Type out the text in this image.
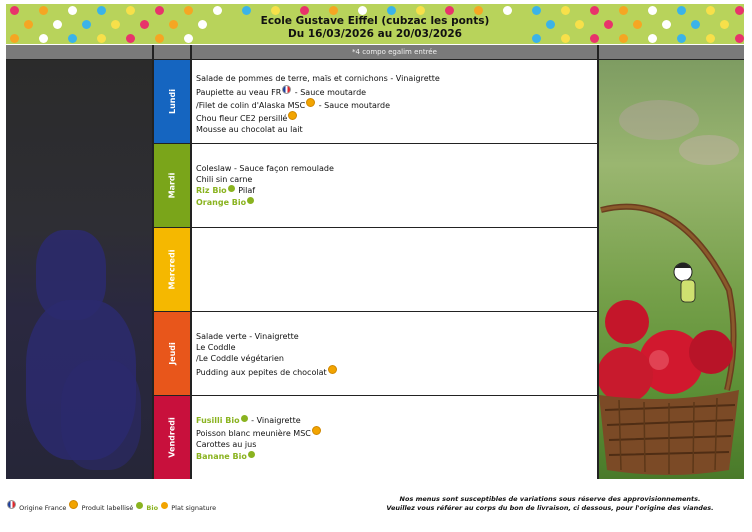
Ecole Gustave Eiffel (cubzac les ponts)
Du 16/03/2026 au 20/03/2026
*4 compo egalim entrée
Lundi
Salade de pommes de terre, maïs et cornichons - Vinaigrette
Paupiette au veau FR - Sauce moutarde
/Filet de colin d'Alaska MSC - Sauce moutarde
Chou fleur CE2 persillé
Mousse au chocolat au lait
Mardi
Coleslaw - Sauce façon remoulade
Chili sin carne
Riz Bio Pilaf
Orange Bio
Mercredi
Jeudi
Salade verte - Vinaigrette
Le Coddle
/Le Coddle végétarien
Pudding aux pepites de chocolat
Vendredi Fusilli Bio - Vinaigrette
Poisson blanc meunière MSC
Carottes au jus
Banane Bio
Origine France Produit labellisé Bio Plat signature
Nos menus sont susceptibles de variations sous réserve des approvisionnements.
Veuillez vous référer au corps du bon de livraison, ci dessous, pour l'origine des viandes.
